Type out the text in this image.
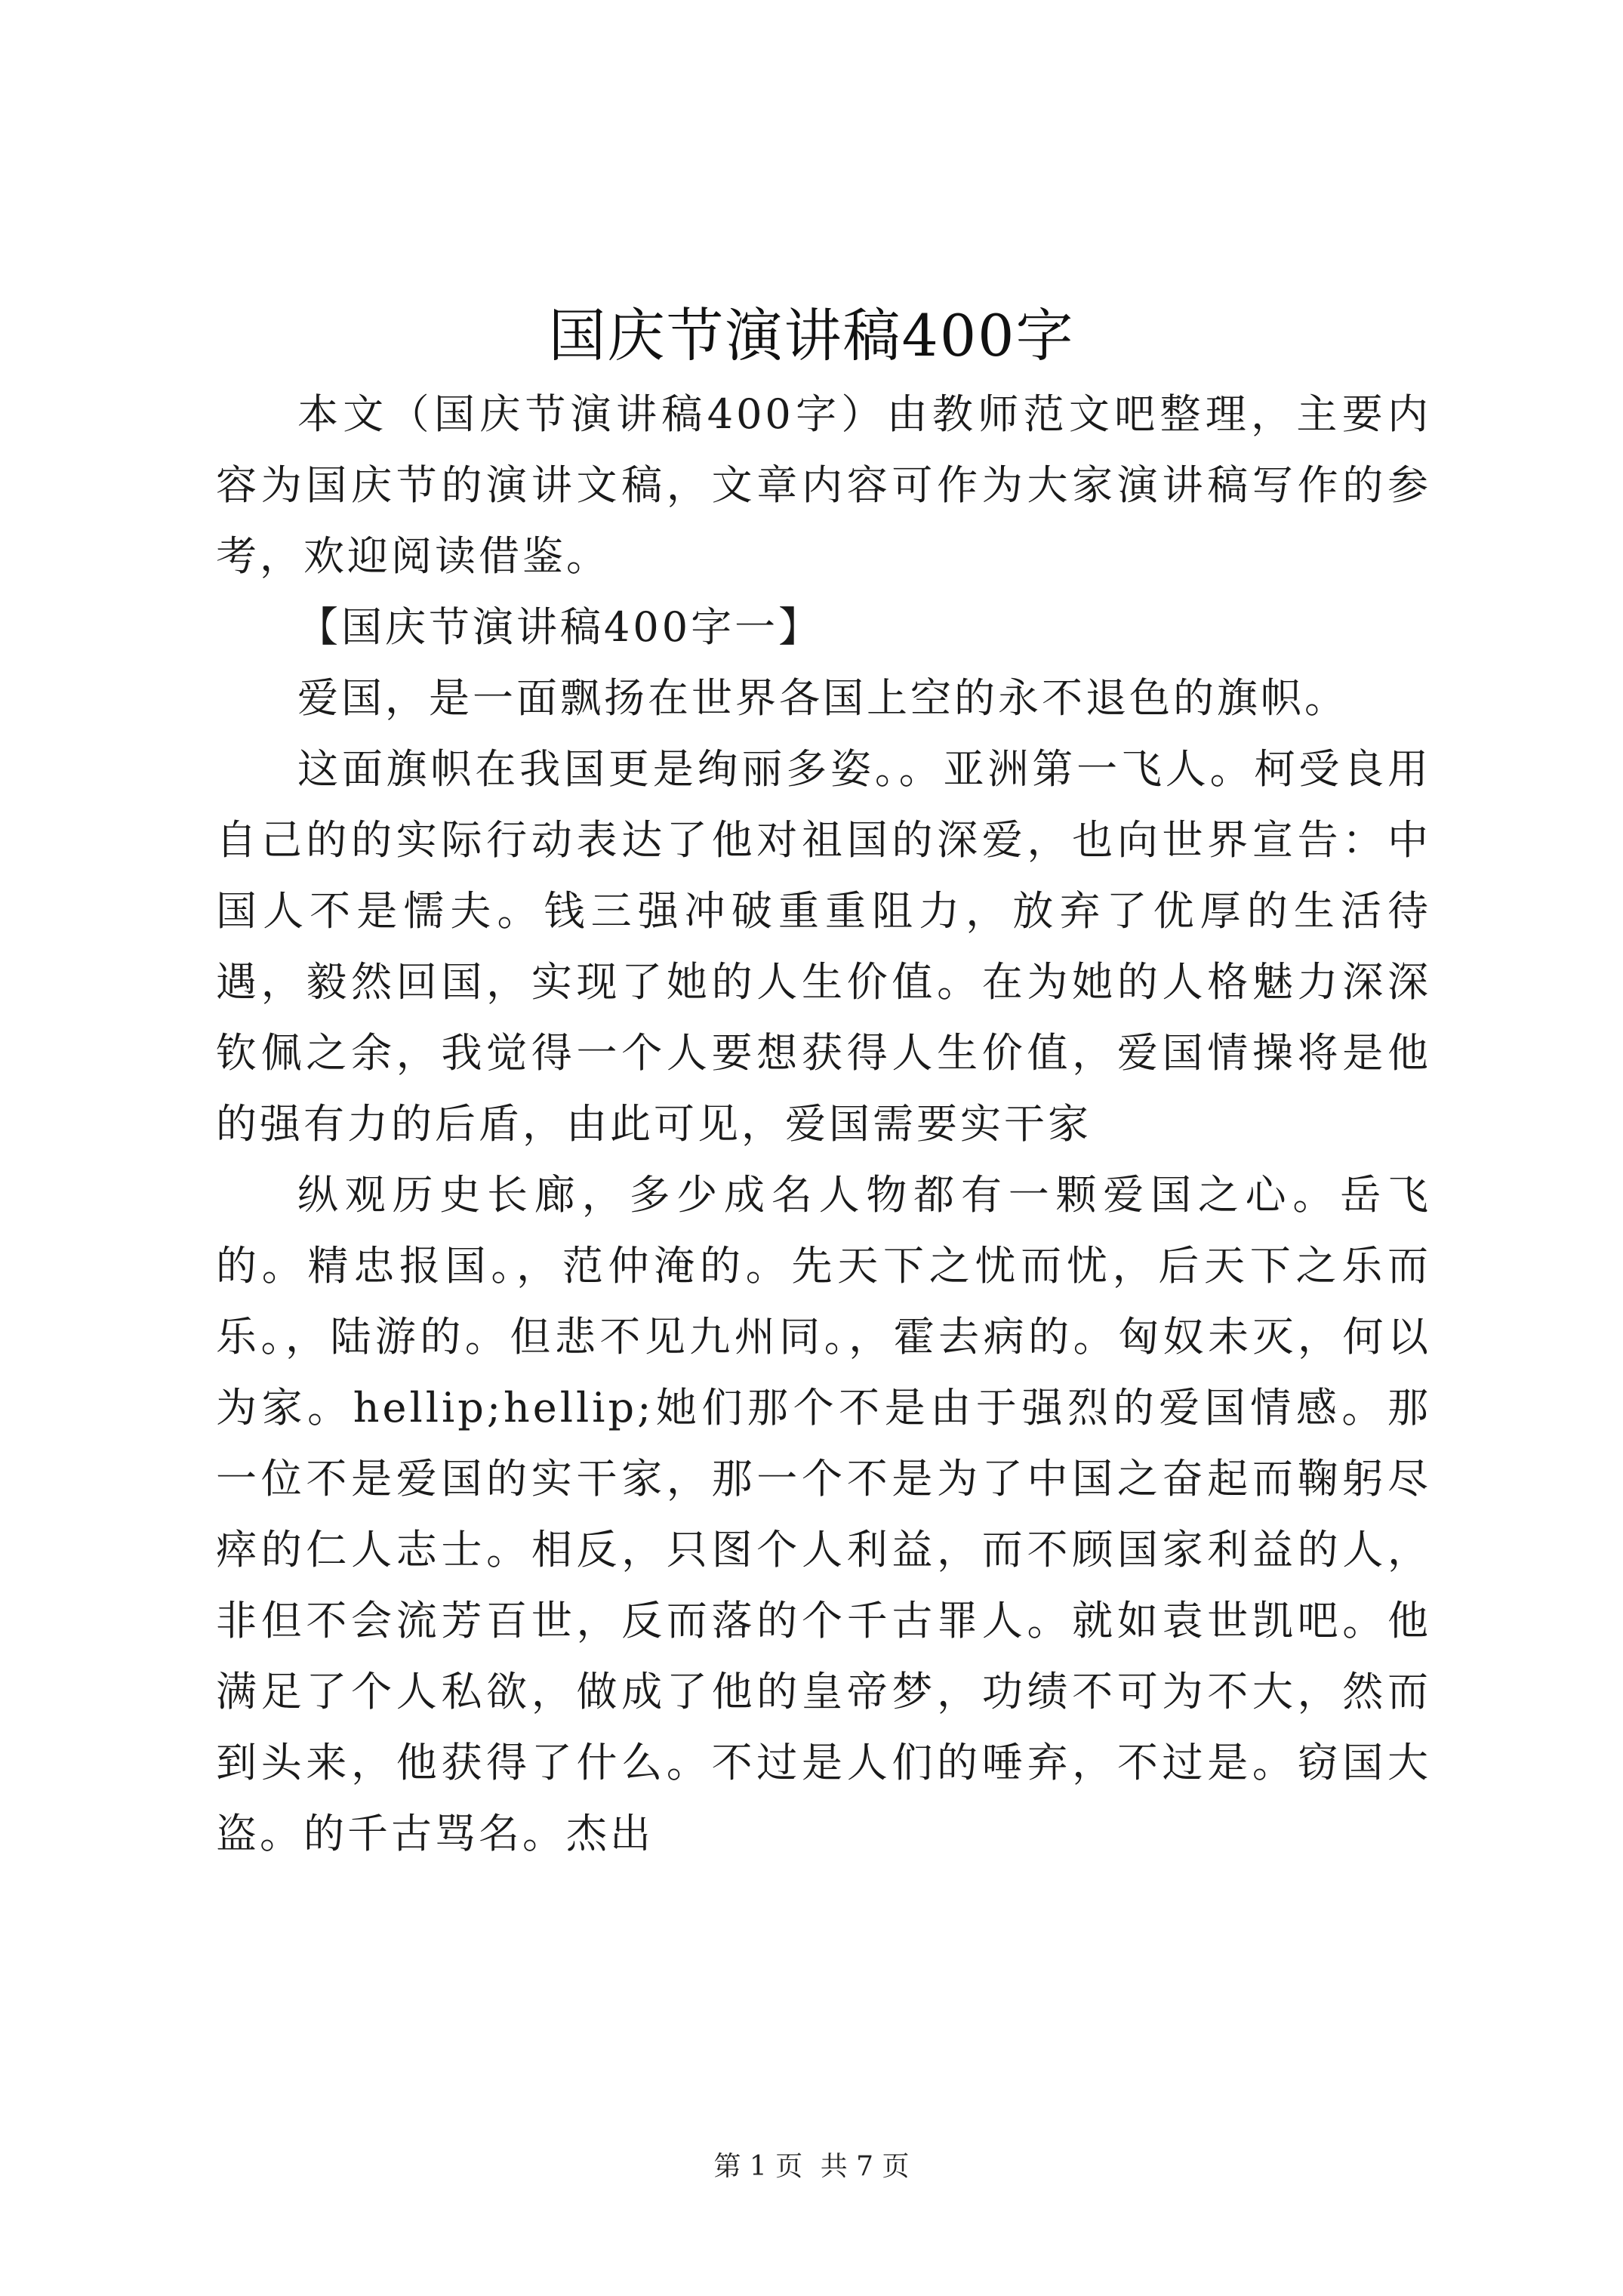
国庆节演讲稿400字

本文（国庆节演讲稿400字）由教师范文吧整理，主要内容为国庆节的演讲文稿，文章内容可作为大家演讲稿写作的参考，欢迎阅读借鉴。

【国庆节演讲稿400字一】

爱国，是一面飘扬在世界各国上空的永不退色的旗帜。

这面旗帜在我国更是绚丽多姿。。亚洲第一飞人。柯受良用自己的的实际行动表达了他对祖国的深爱，也向世界宣告：中国人不是懦夫。钱三强冲破重重阻力，放弃了优厚的生活待遇，毅然回国，实现了她的人生价值。在为她的人格魅力深深钦佩之余，我觉得一个人要想获得人生价值，爱国情操将是他的强有力的后盾，由此可见，爱国需要实干家

纵观历史长廊，多少成名人物都有一颗爱国之心。岳飞的。精忠报国。，范仲淹的。先天下之忧而忧，后天下之乐而乐。，陆游的。但悲不见九州同。，霍去病的。匈奴未灭，何以为家。hellip;hellip;她们那个不是由于强烈的爱国情感。那一位不是爱国的实干家，那一个不是为了中国之奋起而鞠躬尽瘁的仁人志士。相反，只图个人利益，而不顾国家利益的人，非但不会流芳百世，反而落的个千古罪人。就如袁世凯吧。他满足了个人私欲，做成了他的皇帝梦，功绩不可为不大，然而到头来，他获得了什么。不过是人们的唾弃，不过是。窃国大盗。的千古骂名。杰出

第 1 页 共 7 页
